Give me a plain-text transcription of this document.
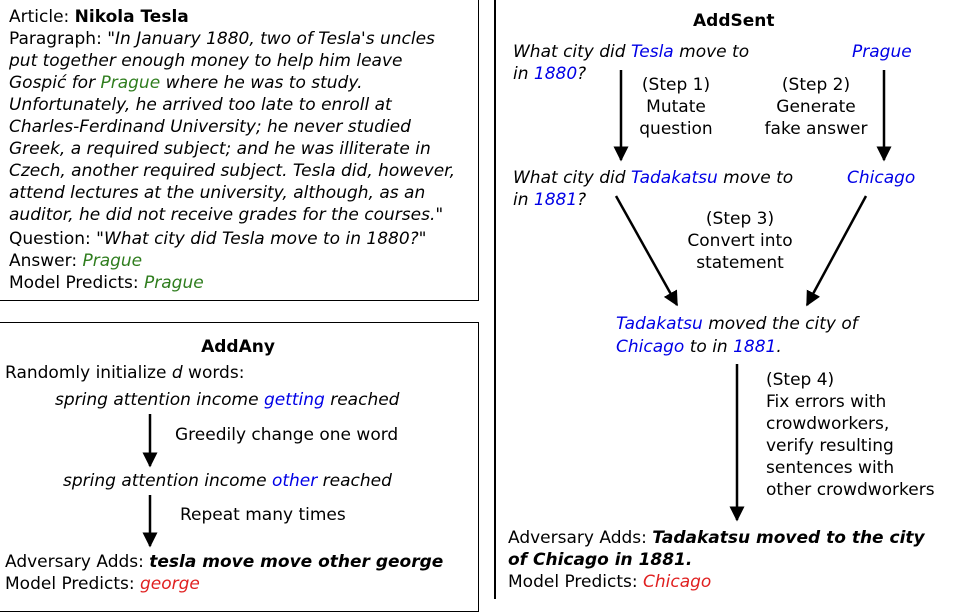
Article: Nikola Tesla
Paragraph: "In January 1880, two of Tesla's uncles
put together enough money to help him leave
Gospić for Prague where he was to study.
Unfortunately, he arrived too late to enroll at
Charles-Ferdinand University; he never studied
Greek, a required subject; and he was illiterate in
Czech, another required subject. Tesla did, however,
attend lectures at the university, although, as an
auditor, he did not receive grades for the courses."
Question: "What city did Tesla move to in 1880?"
Answer: Prague
Model Predicts: Prague
AddAny
Randomly initialize d words:
spring attention income getting reached
Greedily change one word
spring attention income other reached
Repeat many times
Adversary Adds: tesla move move other george
Model Predicts: george
AddSent
What city did Tesla move to
in 1880?
Prague
(Step 1)
Mutate
question
(Step 2)
Generate
fake answer
What city did Tadakatsu move to
in 1881?
Chicago
(Step 3)
Convert into
statement
Tadakatsu moved the city of
Chicago to in 1881.
(Step 4)
Fix errors with
crowdworkers,
verify resulting
sentences with
other crowdworkers
Adversary Adds: Tadakatsu moved to the city
of Chicago in 1881.
Model Predicts: Chicago
